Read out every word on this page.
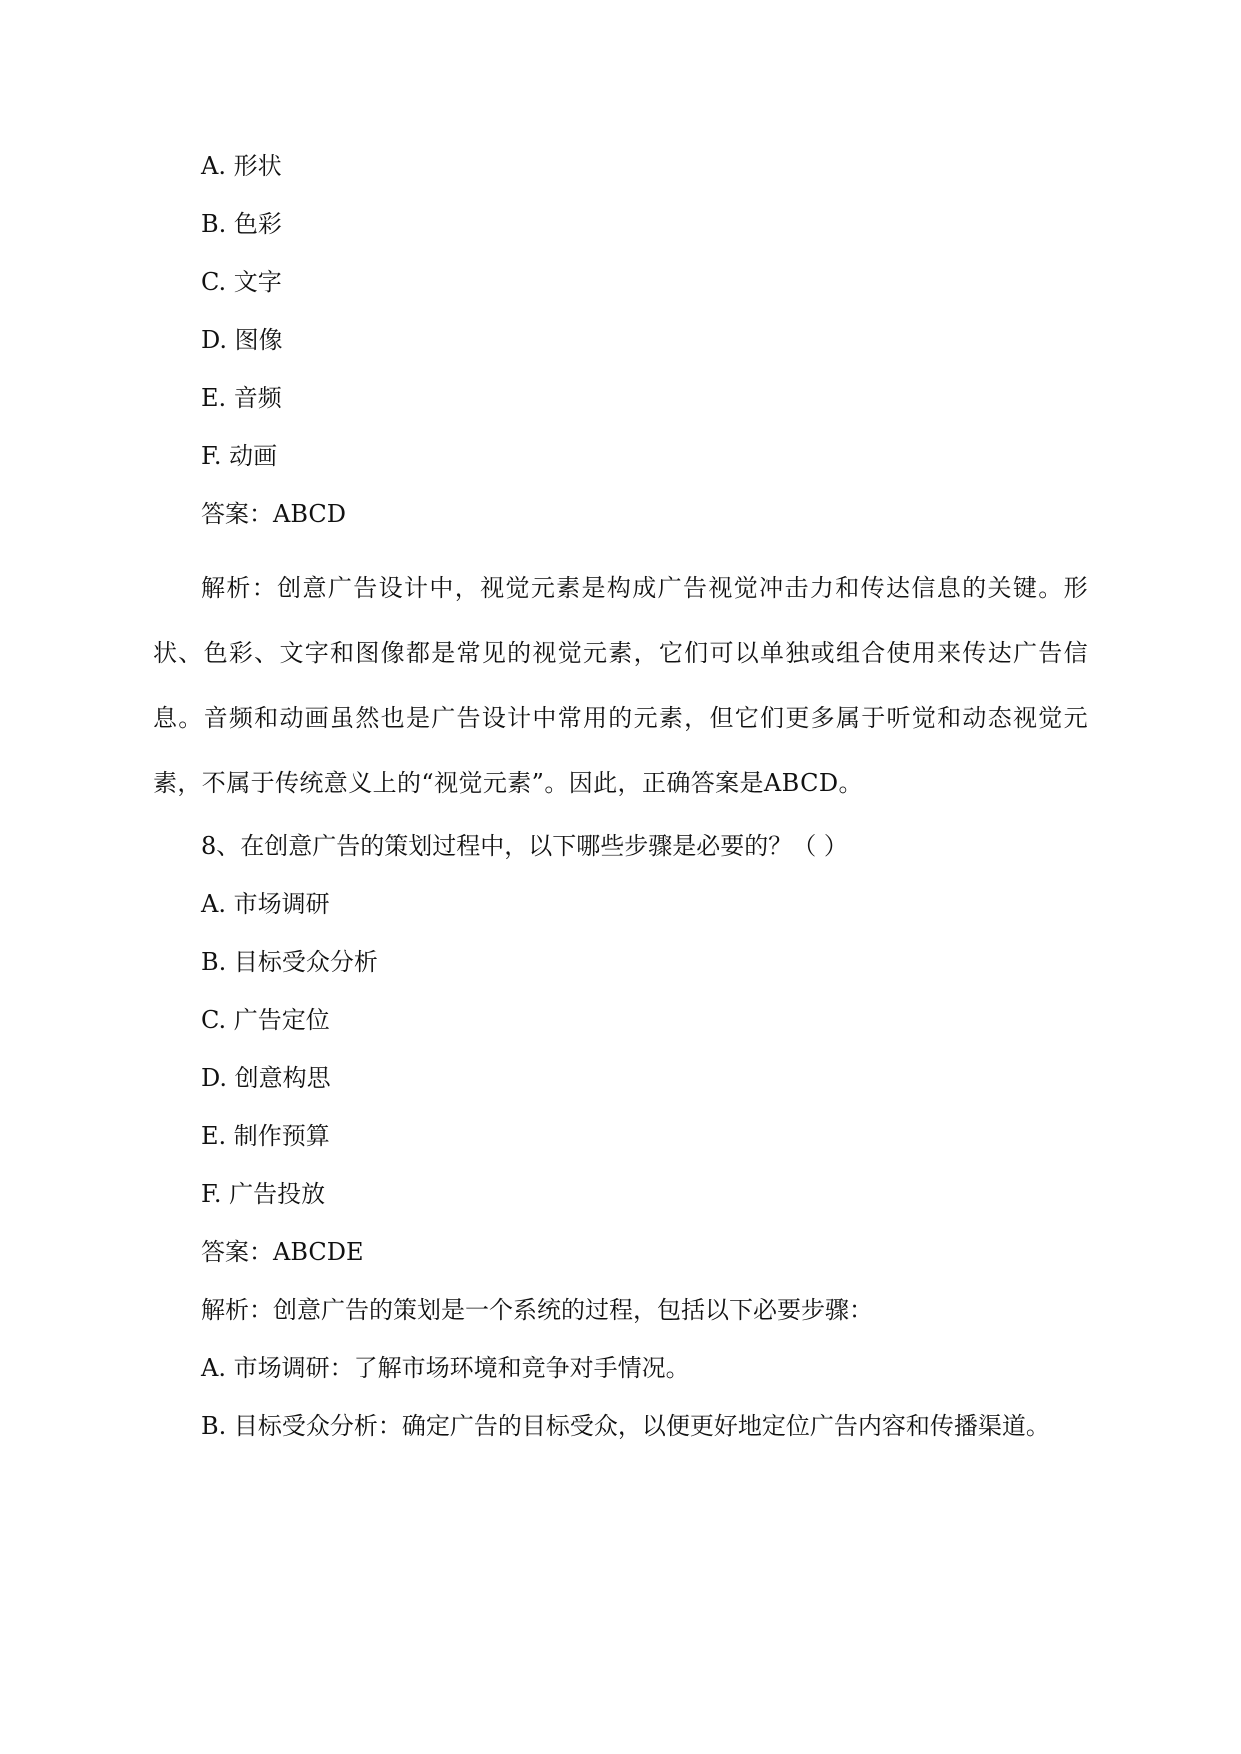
A. 形状
B. 色彩
C. 文字
D. 图像
E. 音频
F. 动画
答案：ABCD
解析：创意广告设计中，视觉元素是构成广告视觉冲击力和传达信息的关键。形状、色彩、文字和图像都是常见的视觉元素，它们可以单独或组合使用来传达广告信息。音频和动画虽然也是广告设计中常用的元素，但它们更多属于听觉和动态视觉元素，不属于传统意义上的“视觉元素”。因此，正确答案是ABCD。
8、在创意广告的策划过程中，以下哪些步骤是必要的？（ ）
A. 市场调研
B. 目标受众分析
C. 广告定位
D. 创意构思
E. 制作预算
F. 广告投放
答案：ABCDE
解析：创意广告的策划是一个系统的过程，包括以下必要步骤：
A. 市场调研：了解市场环境和竞争对手情况。
B. 目标受众分析：确定广告的目标受众，以便更好地定位广告内容和传播渠道。
